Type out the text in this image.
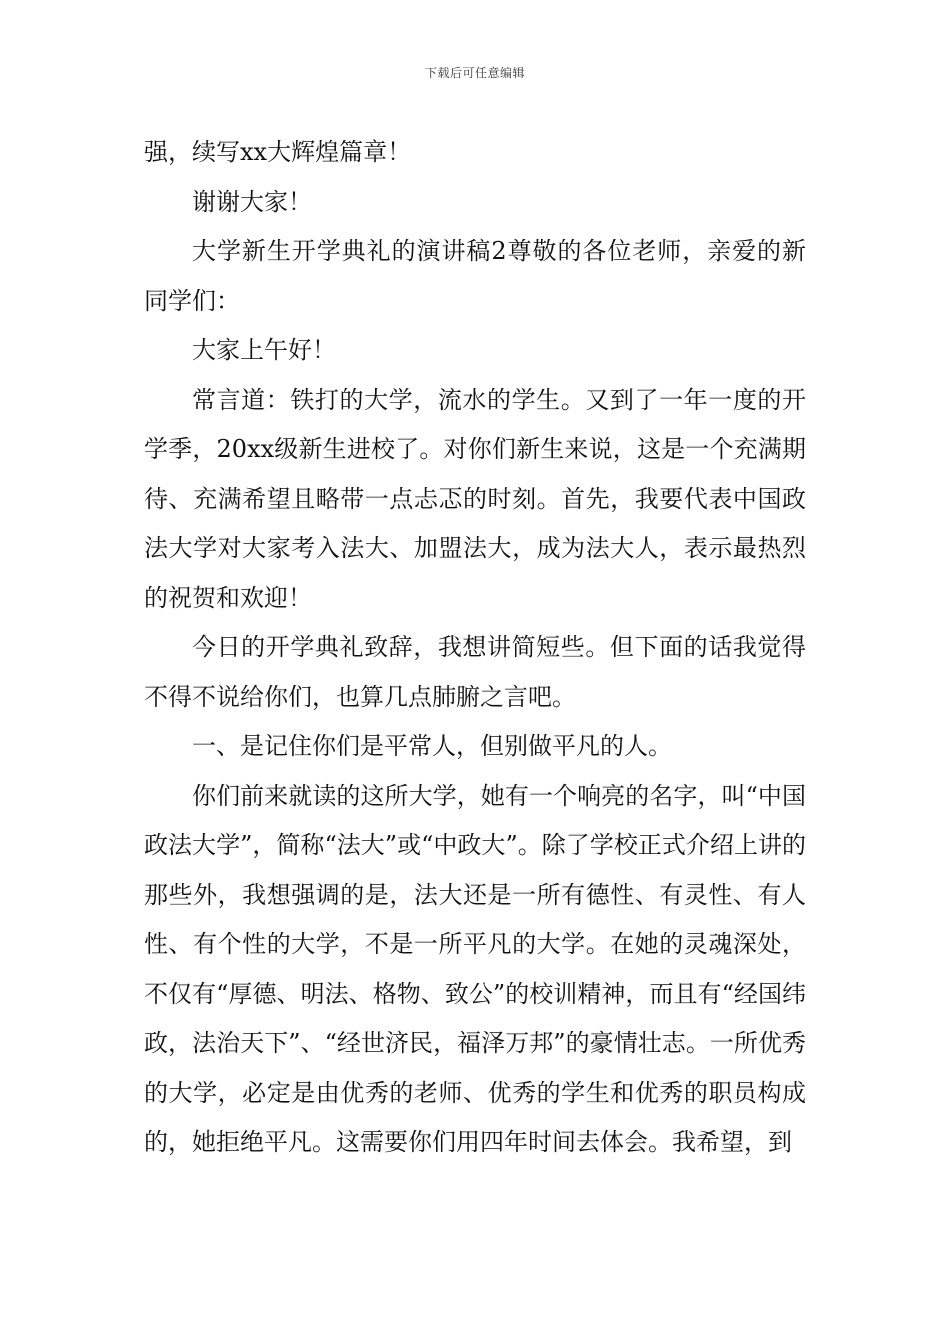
下载后可任意编辑

强，续写xx大辉煌篇章！

谢谢大家！

大学新生开学典礼的演讲稿2尊敬的各位老师，亲爱的新同学们：

大家上午好！

常言道：铁打的大学，流水的学生。又到了一年一度的开学季，20xx级新生进校了。对你们新生来说，这是一个充满期待、充满希望且略带一点忐忑的时刻。首先，我要代表中国政法大学对大家考入法大、加盟法大，成为法大人，表示最热烈的祝贺和欢迎！

今日的开学典礼致辞，我想讲简短些。但下面的话我觉得不得不说给你们，也算几点肺腑之言吧。

一、是记住你们是平常人，但别做平凡的人。

你们前来就读的这所大学，她有一个响亮的名字，叫“中国政法大学”，简称“法大”或“中政大”。除了学校正式介绍上讲的那些外，我想强调的是，法大还是一所有德性、有灵性、有人性、有个性的大学，不是一所平凡的大学。在她的灵魂深处，不仅有“厚德、明法、格物、致公”的校训精神，而且有“经国纬政，法治天下”、“经世济民，福泽万邦”的豪情壮志。一所优秀的大学，必定是由优秀的老师、优秀的学生和优秀的职员构成的，她拒绝平凡。这需要你们用四年时间去体会。我希望，到
